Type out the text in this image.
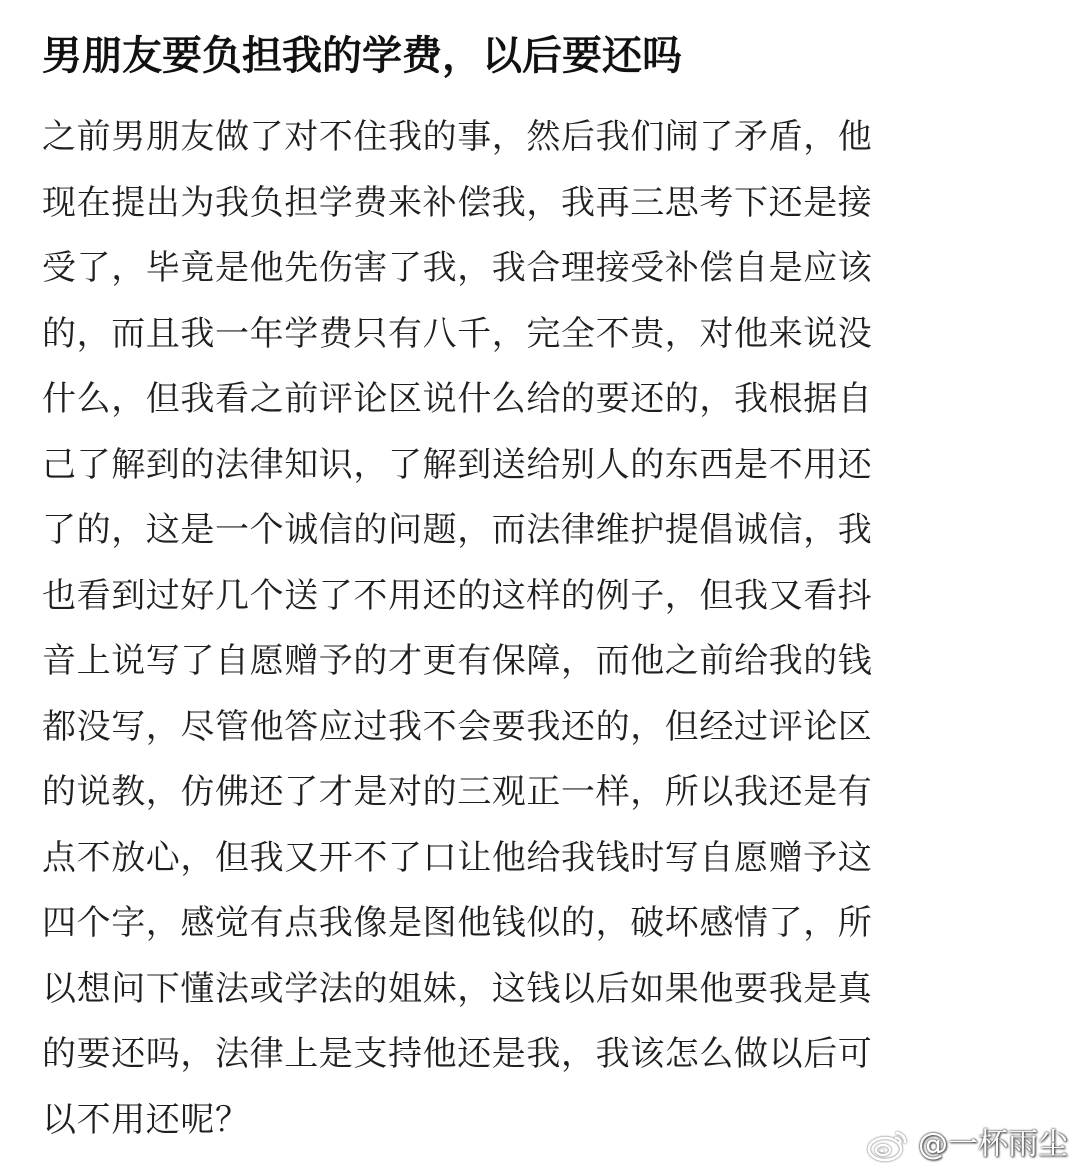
男朋友要负担我的学费，以后要还吗
之前男朋友做了对不住我的事，然后我们闹了矛盾，他
现在提出为我负担学费来补偿我，我再三思考下还是接
受了，毕竟是他先伤害了我，我合理接受补偿自是应该
的，而且我一年学费只有八千，完全不贵，对他来说没
什么，但我看之前评论区说什么给的要还的，我根据自
己了解到的法律知识，了解到送给别人的东西是不用还
了的，这是一个诚信的问题，而法律维护提倡诚信，我
也看到过好几个送了不用还的这样的例子，但我又看抖
音上说写了自愿赠予的才更有保障，而他之前给我的钱
都没写，尽管他答应过我不会要我还的，但经过评论区
的说教，仿佛还了才是对的三观正一样，所以我还是有
点不放心，但我又开不了口让他给我钱时写自愿赠予这
四个字，感觉有点我像是图他钱似的，破坏感情了，所
以想问下懂法或学法的姐妹，这钱以后如果他要我是真
的要还吗，法律上是支持他还是我，我该怎么做以后可
以不用还呢？
@一杯雨尘
